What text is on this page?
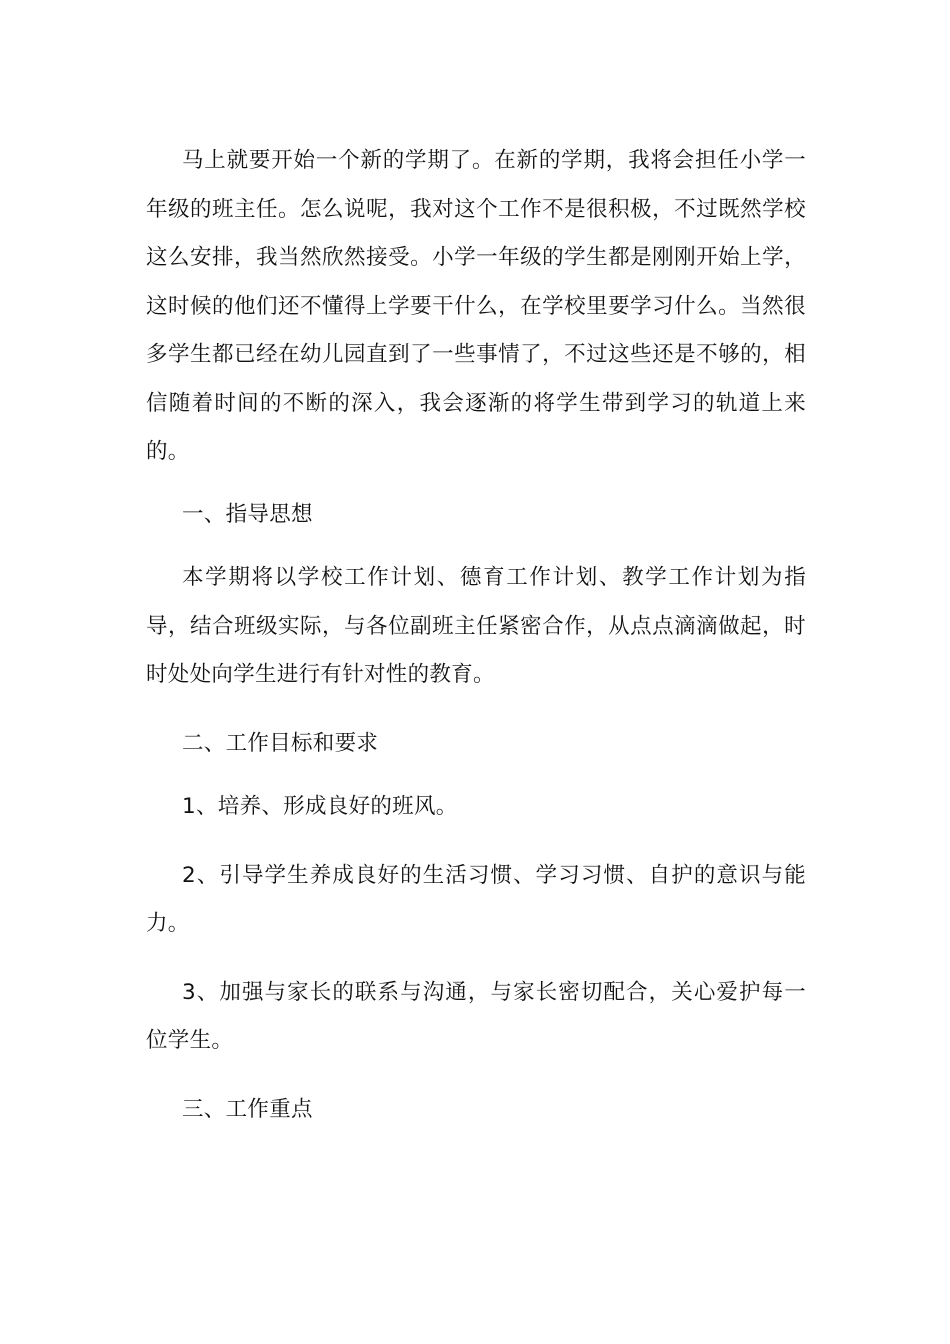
马上就要开始一个新的学期了。在新的学期，我将会担任小学一年级的班主任。怎么说呢，我对这个工作不是很积极，不过既然学校这么安排，我当然欣然接受。小学一年级的学生都是刚刚开始上学，这时候的他们还不懂得上学要干什么，在学校里要学习什么。当然很多学生都已经在幼儿园直到了一些事情了，不过这些还是不够的，相信随着时间的不断的深入，我会逐渐的将学生带到学习的轨道上来的。

一、指导思想

本学期将以学校工作计划、德育工作计划、教学工作计划为指导，结合班级实际，与各位副班主任紧密合作，从点点滴滴做起，时时处处向学生进行有针对性的教育。

二、工作目标和要求

1、培养、形成良好的班风。

2、引导学生养成良好的生活习惯、学习习惯、自护的意识与能力。

3、加强与家长的联系与沟通，与家长密切配合，关心爱护每一位学生。

三、工作重点
